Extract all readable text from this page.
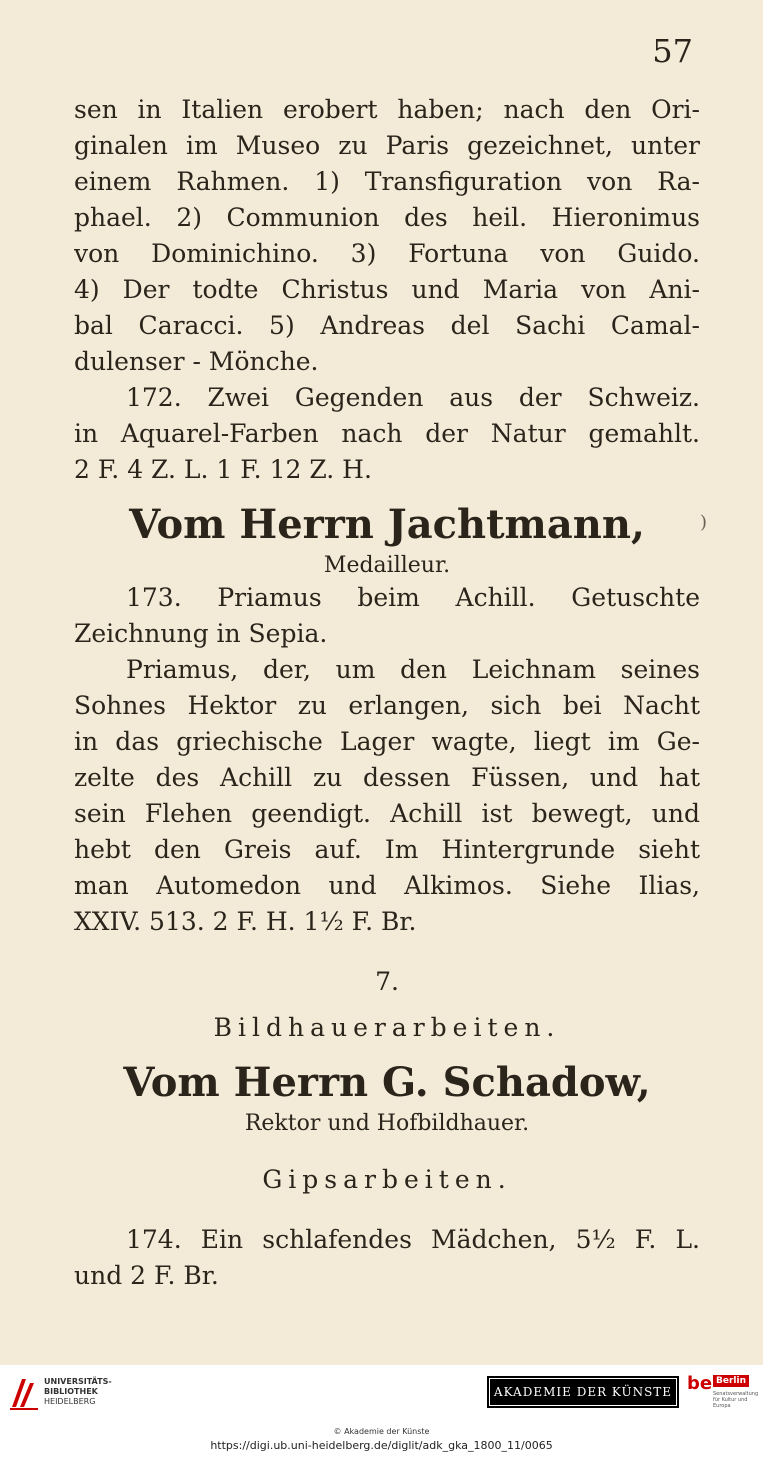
57
)
sen in Italien erobert haben; nach den Ori-
ginalen im Museo zu Paris gezeichnet, unter
einem Rahmen. 1) Transfiguration von Ra-
phael. 2) Communion des heil. Hieronimus
von Dominichino. 3) Fortuna von Guido.
4) Der todte Christus und Maria von Ani-
bal Caracci. 5) Andreas del Sachi Camal-
dulenser - Mönche.
172. Zwei Gegenden aus der Schweiz.
in Aquarel-Farben nach der Natur gemahlt.
2 F. 4 Z. L. 1 F. 12 Z. H.
Vom Herrn Jachtmann,
Medailleur.
173. Priamus beim Achill. Getuschte
Zeichnung in Sepia.
Priamus, der, um den Leichnam seines
Sohnes Hektor zu erlangen, sich bei Nacht
in das griechische Lager wagte, liegt im Ge-
zelte des Achill zu dessen Füssen, und hat
sein Flehen geendigt. Achill ist bewegt, und
hebt den Greis auf. Im Hintergrunde sieht
man Automedon und Alkimos. Siehe Ilias,
XXIV. 513. 2 F. H. 1½ F. Br.
7.
Bildhauerarbeiten.
Vom Herrn G. Schadow,
Rektor und Hofbildhauer.
Gipsarbeiten.
174. Ein schlafendes Mädchen, 5½ F. L.
und 2 F. Br.
UNIVERSITÄTS-
BIBLIOTHEK
HEIDELBERG
AKADEMIE DER KÜNSTE be Berlin
Senatsverwaltung für Kultur und Europa
© Akademie der Künste
https://digi.ub.uni-heidelberg.de/diglit/adk_gka_1800_11/0065
